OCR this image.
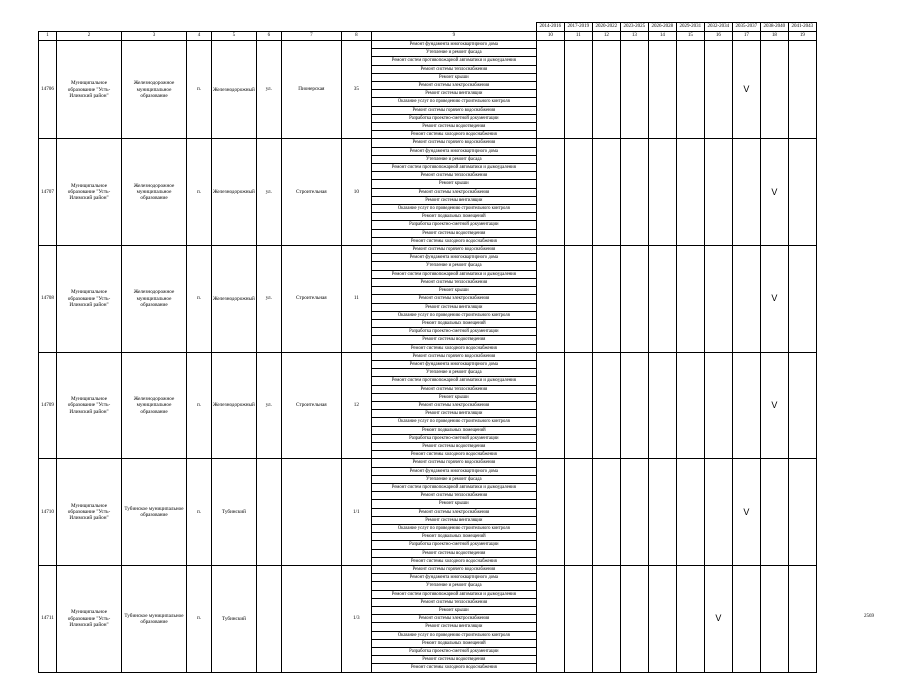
									2014-2016	2017-2019	2020-2022	2023-2025	2026-2028	2029-2031	2032-2034	2035-2037	2038-2040	2041-2043
1	2	3	4	5	6	7	8	9	10	11	12	13	14	15	16	17	18	19
14706	Муниципальное образование "Усть-Илимский район"	Железнодорожное муниципальное образование	п.	Железнодорожный	ул.	Пионерская	35	Ремонт фундамента многоквартирного дома								V		
								Утепление и ремонт фасада										
								Ремонт систем противопожарной автоматики и дымоудаления										
								Ремонт системы теплоснабжения										
								Ремонт крыши										
								Ремонт системы электроснабжения										
								Ремонт системы вентиляции										
								Оказание услуг по проведению строительного контроля										
								Ремонт системы горячего водоснабжения										
								Разработка проектно-сметной документации										
								Ремонт системы водоотведения										
								Ремонт системы холодного водоснабжения										
14707	Муниципальное образование "Усть-Илимский район"	Железнодорожное муниципальное образование	п.	Железнодорожный	ул.	Строительная	10	Ремонт системы горячего водоснабжения									V	
								Ремонт фундамента многоквартирного дома										
								Утепление и ремонт фасада										
								Ремонт систем противопожарной автоматики и дымоудаления										
								Ремонт системы теплоснабжения										
								Ремонт крыши										
								Ремонт системы электроснабжения										
								Ремонт системы вентиляции										
								Оказание услуг по проведению строительного контроля										
								Ремонт подвальных помещений										
								Разработка проектно-сметной документации										
								Ремонт системы водоотведения										
								Ремонт системы холодного водоснабжения										
14708	Муниципальное образование "Усть-Илимский район"	Железнодорожное муниципальное образование	п.	Железнодорожный	ул.	Строительная	11	Ремонт системы горячего водоснабжения									V	
								Ремонт фундамента многоквартирного дома										
								Утепление и ремонт фасада										
								Ремонт систем противопожарной автоматики и дымоудаления										
								Ремонт системы теплоснабжения										
								Ремонт крыши										
								Ремонт системы электроснабжения										
								Ремонт системы вентиляции										
								Оказание услуг по проведению строительного контроля										
								Ремонт подвальных помещений										
								Разработка проектно-сметной документации										
								Ремонт системы водоотведения										
								Ремонт системы холодного водоснабжения										
14709	Муниципальное образование "Усть-Илимский район"	Железнодорожное муниципальное образование	п.	Железнодорожный	ул.	Строительная	12	Ремонт системы горячего водоснабжения									V	
								Ремонт фундамента многоквартирного дома										
								Утепление и ремонт фасада										
								Ремонт систем противопожарной автоматики и дымоудаления										
								Ремонт системы теплоснабжения										
								Ремонт крыши										
								Ремонт системы электроснабжения										
								Ремонт системы вентиляции										
								Оказание услуг по проведению строительного контроля										
								Ремонт подвальных помещений										
								Разработка проектно-сметной документации										
								Ремонт системы водоотведения										
								Ремонт системы холодного водоснабжения										
14710	Муниципальное образование "Усть-Илимский район"	Тубинское муниципальное образование	п.	Тубинский			1/1	Ремонт системы горячего водоснабжения								V		
								Ремонт фундамента многоквартирного дома										
								Утепление и ремонт фасада										
								Ремонт систем противопожарной автоматики и дымоудаления										
								Ремонт системы теплоснабжения										
								Ремонт крыши										
								Ремонт системы электроснабжения										
								Ремонт системы вентиляции										
								Оказание услуг по проведению строительного контроля										
								Ремонт подвальных помещений										
								Разработка проектно-сметной документации										
								Ремонт системы водоотведения										
								Ремонт системы холодного водоснабжения										
14711	Муниципальное образование "Усть-Илимский район"	Тубинское муниципальное образование	п.	Тубинский			1/3	Ремонт системы горячего водоснабжения							V			
								Ремонт фундамента многоквартирного дома										
								Утепление и ремонт фасада										
								Ремонт систем противопожарной автоматики и дымоудаления										
								Ремонт системы теплоснабжения										
								Ремонт крыши										
								Ремонт системы электроснабжения										
								Ремонт системы вентиляции										
								Оказание услуг по проведению строительного контроля										
								Ремонт подвальных помещений										
								Разработка проектно-сметной документации										
								Ремонт системы водоотведения										
								Ремонт системы холодного водоснабжения										
2569
